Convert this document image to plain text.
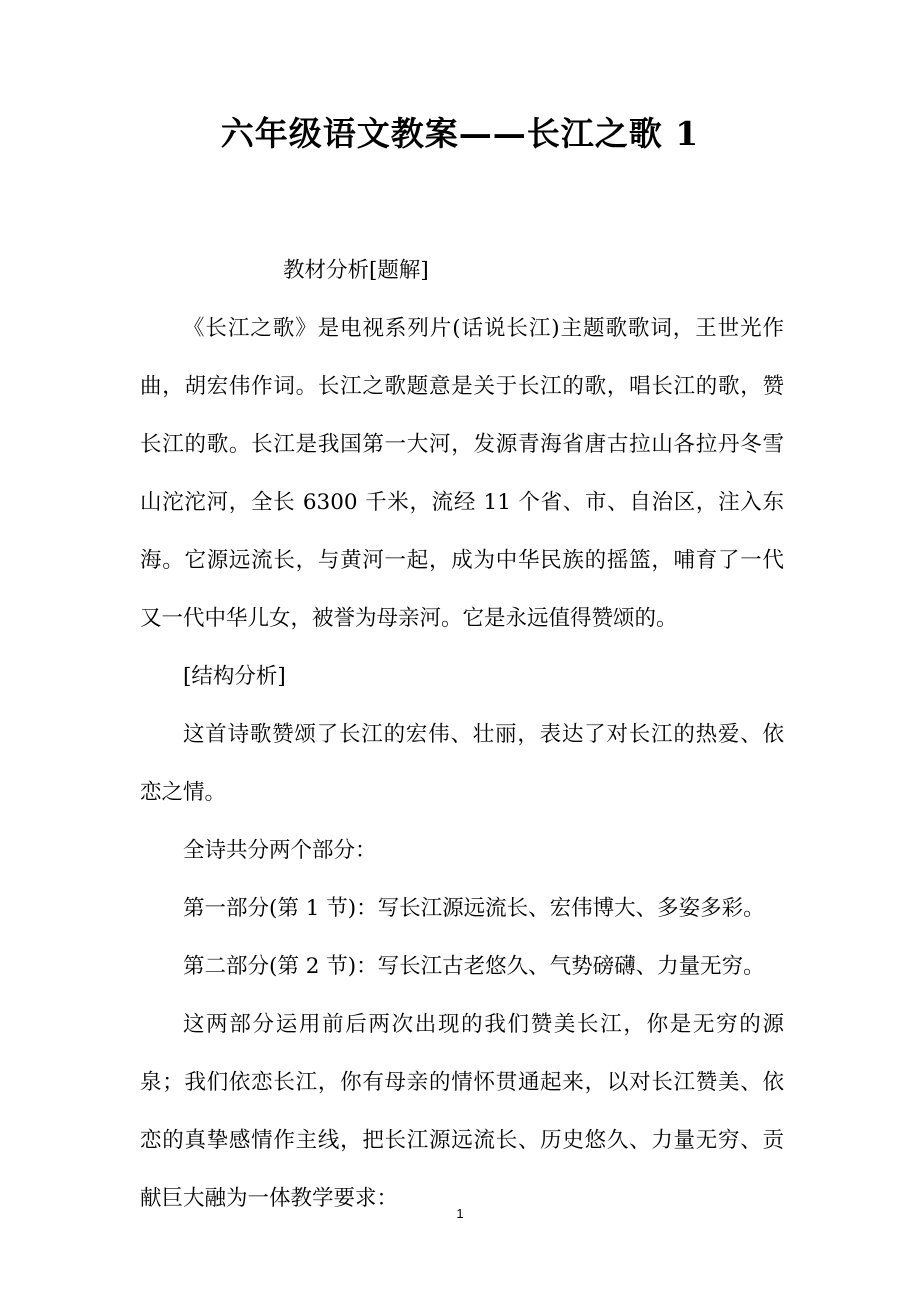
六年级语文教案——长江之歌 1

教材分析[题解]

《长江之歌》是电视系列片(话说长江)主题歌歌词，王世光作曲，胡宏伟作词。长江之歌题意是关于长江的歌，唱长江的歌，赞长江的歌。长江是我国第一大河，发源青海省唐古拉山各拉丹冬雪山沱沱河，全长 6300 千米，流经 11 个省、市、自治区，注入东海。它源远流长，与黄河一起，成为中华民族的摇篮，哺育了一代又一代中华儿女，被誉为母亲河。它是永远值得赞颂的。

[结构分析]

这首诗歌赞颂了长江的宏伟、壮丽，表达了对长江的热爱、依恋之情。

全诗共分两个部分：

第一部分(第 1 节)：写长江源远流长、宏伟博大、多姿多彩。

第二部分(第 2 节)：写长江古老悠久、气势磅礴、力量无穷。

这两部分运用前后两次出现的我们赞美长江，你是无穷的源泉；我们依恋长江，你有母亲的情怀贯通起来，以对长江赞美、依恋的真挚感情作主线，把长江源远流长、历史悠久、力量无穷、贡献巨大融为一体教学要求：

1
